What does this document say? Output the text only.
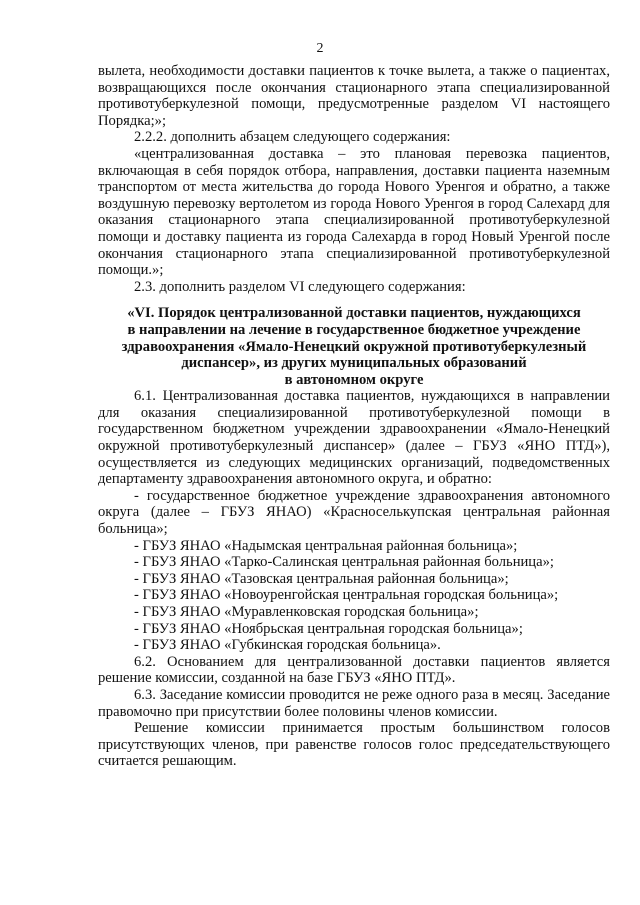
2

вылета, необходимости доставки пациентов к точке вылета, а также о пациентах, возвращающихся после окончания стационарного этапа специализированной противотуберкулезной помощи, предусмотренные разделом VI настоящего Порядка;»;

2.2.2. дополнить абзацем следующего содержания:

«централизованная доставка – это плановая перевозка пациентов, включающая в себя порядок отбора, направления, доставки пациента наземным транспортом от места жительства до города Нового Уренгоя и обратно, а также воздушную перевозку вертолетом из города Нового Уренгоя в город Салехард для оказания стационарного этапа специализированной противотуберкулезной помощи и доставку пациента из города Салехарда в город Новый Уренгой после окончания стационарного этапа специализированной противотуберкулезной помощи.»;

2.3. дополнить разделом VI следующего содержания:

«VI. Порядок централизованной доставки пациентов, нуждающихся
в направлении на лечение в государственное бюджетное учреждение
здравоохранения «Ямало-Ненецкий окружной противотуберкулезный
диспансер», из других муниципальных образований
в автономном округе

6.1. Централизованная доставка пациентов, нуждающихся в направлении для оказания специализированной противотуберкулезной помощи в государственном бюджетном учреждении здравоохранении «Ямало-Ненецкий окружной противотуберкулезный диспансер» (далее – ГБУЗ «ЯНО ПТД»), осуществляется из следующих медицинских организаций, подведомственных департаменту здравоохранения автономного округа, и обратно:

- государственное бюджетное учреждение здравоохранения автономного округа (далее – ГБУЗ ЯНАО) «Красноселькупская центральная районная больница»;

- ГБУЗ ЯНАО «Надымская центральная районная больница»;

- ГБУЗ ЯНАО «Тарко-Салинская центральная районная больница»;

- ГБУЗ ЯНАО «Тазовская центральная районная больница»;

- ГБУЗ ЯНАО «Новоуренгойская центральная городская больница»;

- ГБУЗ ЯНАО «Муравленковская городская больница»;

- ГБУЗ ЯНАО «Ноябрьская центральная городская больница»;

- ГБУЗ ЯНАО «Губкинская городская больница».

6.2. Основанием для централизованной доставки пациентов является решение комиссии, созданной на базе ГБУЗ «ЯНО ПТД».

6.3. Заседание комиссии проводится не реже одного раза в месяц. Заседание правомочно при присутствии более половины членов комиссии.

Решение комиссии принимается простым большинством голосов присутствующих членов, при равенстве голосов голос председательствующего считается решающим.
